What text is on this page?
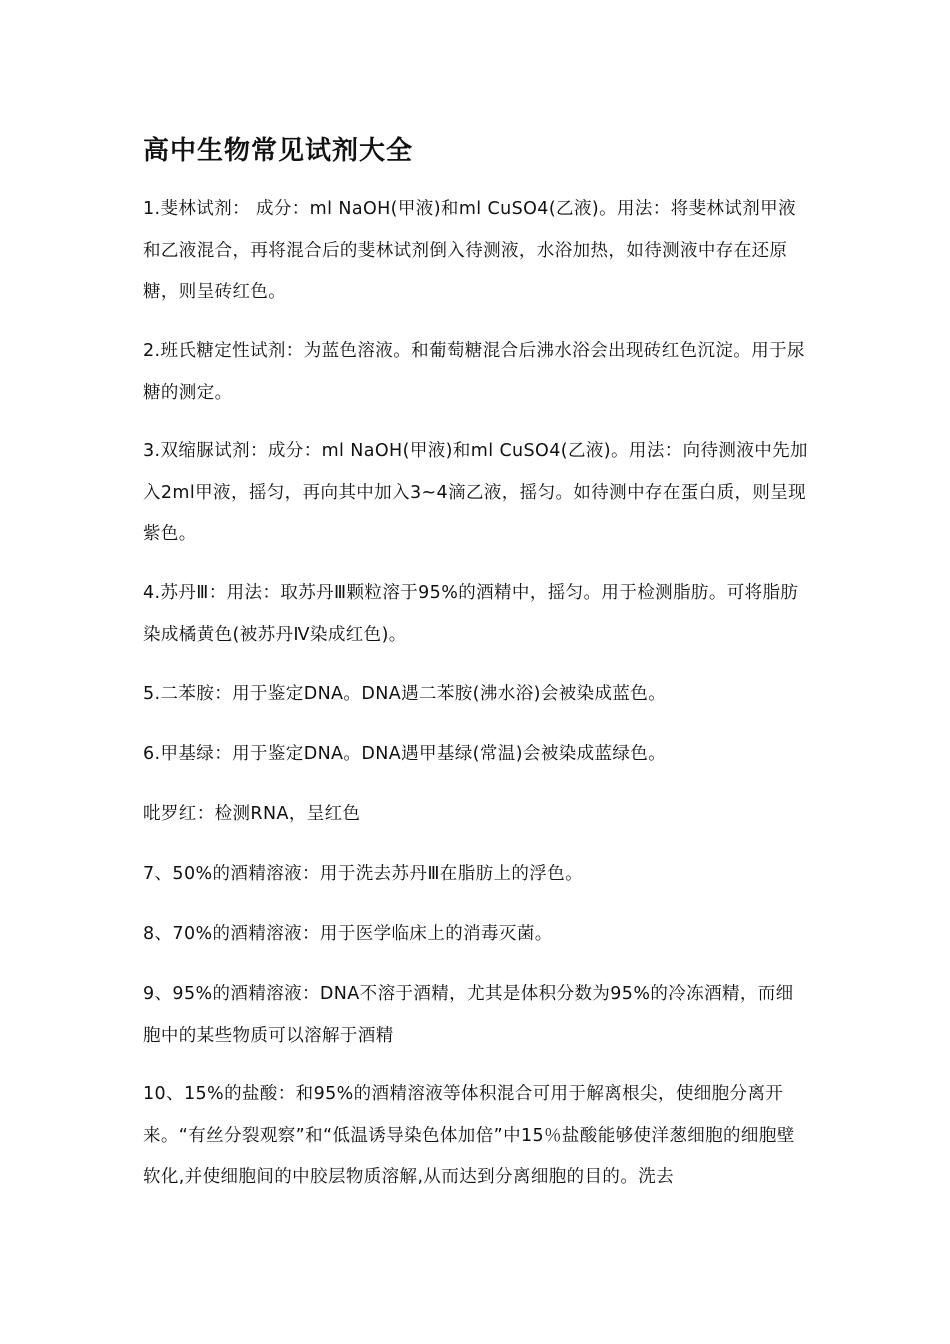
高中生物常见试剂大全

1.斐林试剂： 成分：ml NaOH(甲液)和ml CuSO4(乙液)。用法：将斐林试剂甲液和乙液混合，再将混合后的斐林试剂倒入待测液，水浴加热，如待测液中存在还原糖，则呈砖红色。

2.班氏糖定性试剂：为蓝色溶液。和葡萄糖混合后沸水浴会出现砖红色沉淀。用于尿糖的测定。

3.双缩脲试剂：成分：ml NaOH(甲液)和ml CuSO4(乙液)。用法：向待测液中先加入2ml甲液，摇匀，再向其中加入3~4滴乙液，摇匀。如待测中存在蛋白质，则呈现紫色。

4.苏丹Ⅲ：用法：取苏丹Ⅲ颗粒溶于95%的酒精中，摇匀。用于检测脂肪。可将脂肪染成橘黄色(被苏丹Ⅳ染成红色)。

5.二苯胺：用于鉴定DNA。DNA遇二苯胺(沸水浴)会被染成蓝色。

6.甲基绿：用于鉴定DNA。DNA遇甲基绿(常温)会被染成蓝绿色。

吡罗红：检测RNA，呈红色

7、50%的酒精溶液：用于洗去苏丹Ⅲ在脂肪上的浮色。

8、70%的酒精溶液：用于医学临床上的消毒灭菌。

9、95%的酒精溶液：DNA不溶于酒精，尤其是体积分数为95%的冷冻酒精，而细胞中的某些物质可以溶解于酒精

10、15%的盐酸：和95%的酒精溶液等体积混合可用于解离根尖，使细胞分离开来。“有丝分裂观察”和“低温诱导染色体加倍”中15％盐酸能够使洋葱细胞的细胞壁软化,并使细胞间的中胶层物质溶解,从而达到分离细胞的目的。洗去
